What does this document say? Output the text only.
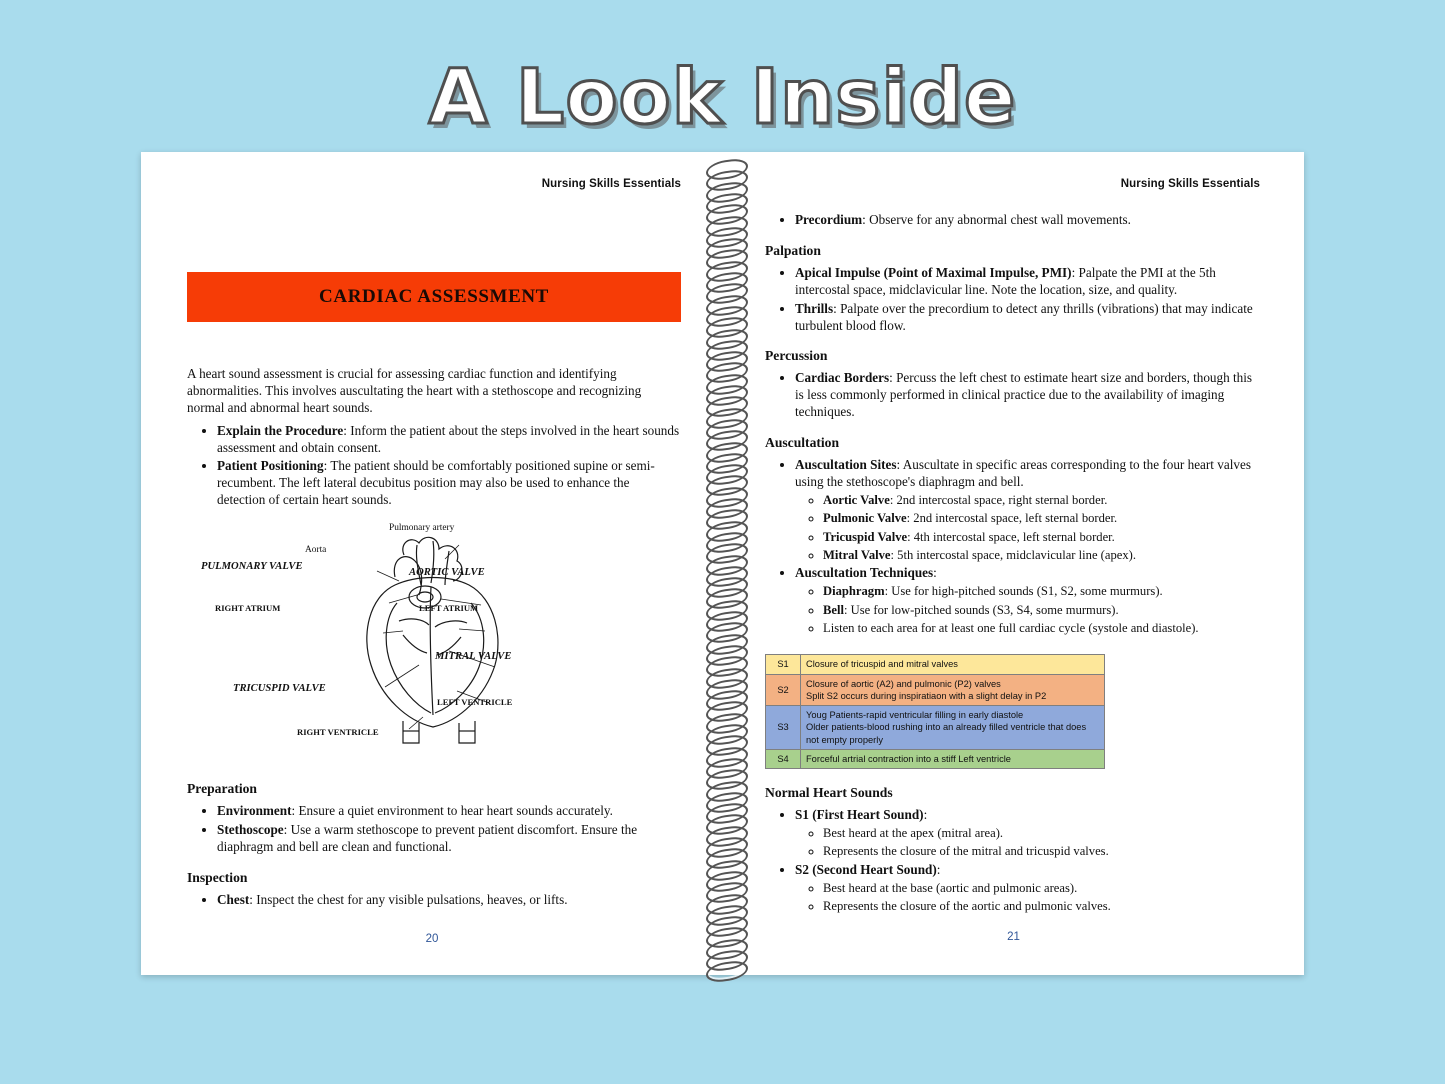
A Look Inside
Nursing Skills Essentials
CARDIAC ASSESSMENT
A heart sound assessment is crucial for assessing cardiac function and identifying abnormalities. This involves auscultating the heart with a stethoscope and recognizing normal and abnormal heart sounds.
• Explain the Procedure: Inform the patient about the steps involved in the heart sounds assessment and obtain consent.
• Patient Positioning: The patient should be comfortably positioned supine or semi-recumbent. The left lateral decubitus position may also be used to enhance the detection of certain heart sounds.
Pulmonary artery
Aorta
PULMONARY VALVE
AORTIC VALVE
RIGHT ATRIUM	LEFT ATRIUM
MITRAL VALVE
TRICUSPID VALVE
LEFT VENTRICLE
RIGHT VENTRICLE
Preparation
• Environment: Ensure a quiet environment to hear heart sounds accurately.
• Stethoscope: Use a warm stethoscope to prevent patient discomfort. Ensure the diaphragm and bell are clean and functional.
Inspection
• Chest: Inspect the chest for any visible pulsations, heaves, or lifts.
20
Nursing Skills Essentials
• Precordium: Observe for any abnormal chest wall movements.
Palpation
• Apical Impulse (Point of Maximal Impulse, PMI): Palpate the PMI at the 5th intercostal space, midclavicular line. Note the location, size, and quality.
• Thrills: Palpate over the precordium to detect any thrills (vibrations) that may indicate turbulent blood flow.
Percussion
• Cardiac Borders: Percuss the left chest to estimate heart size and borders, though this is less commonly performed in clinical practice due to the availability of imaging techniques.
Auscultation
• Auscultation Sites: Auscultate in specific areas corresponding to the four heart valves using the stethoscope's diaphragm and bell.
◦ Aortic Valve: 2nd intercostal space, right sternal border.
◦ Pulmonic Valve: 2nd intercostal space, left sternal border.
◦ Tricuspid Valve: 4th intercostal space, left sternal border.
◦ Mitral Valve: 5th intercostal space, midclavicular line (apex).
• Auscultation Techniques:
◦ Diaphragm: Use for high-pitched sounds (S1, S2, some murmurs).
◦ Bell: Use for low-pitched sounds (S3, S4, some murmurs).
◦ Listen to each area for at least one full cardiac cycle (systole and diastole).
S1	Closure of tricuspid and mitral valves

S2	Closure of aortic (A2) and pulmonic (P2) valves
Split S2 occurs during inspiratiaon with a slight delay in P2

S3	Youg Patients-rapid ventricular filling in early diastole
Older patients-blood rushing into an already filled ventricle that does not empty properly

S4	Forceful artrial contraction into a stiff Left ventricle
Normal Heart Sounds
• S1 (First Heart Sound):
◦ Best heard at the apex (mitral area).
◦ Represents the closure of the mitral and tricuspid valves.
• S2 (Second Heart Sound):
◦ Best heard at the base (aortic and pulmonic areas).
◦ Represents the closure of the aortic and pulmonic valves.
21
